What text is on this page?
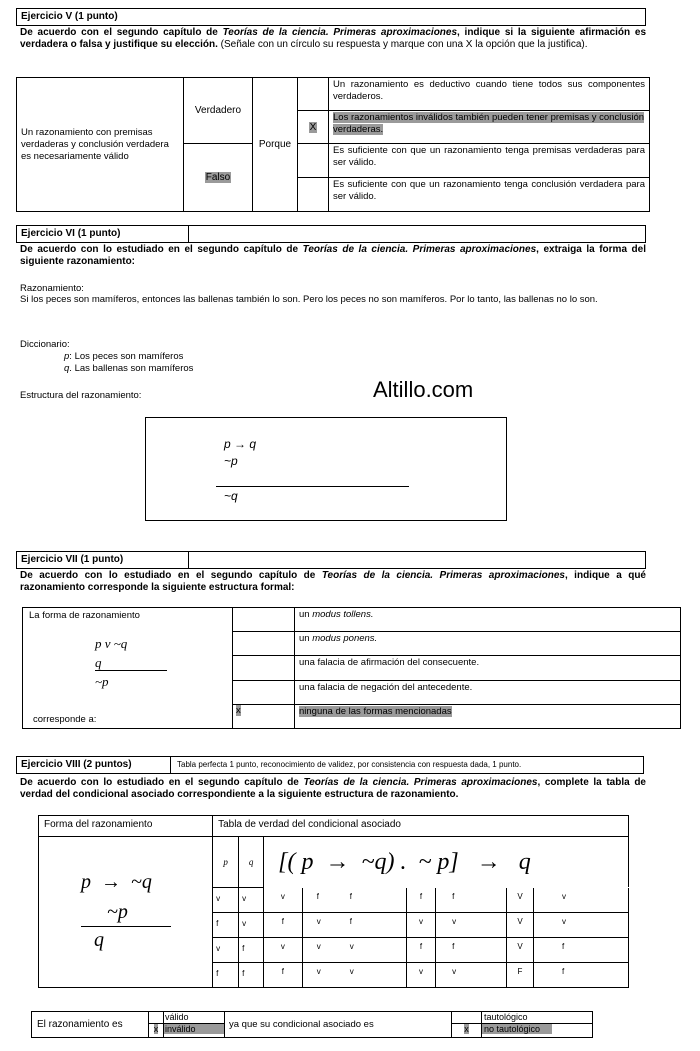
Ejercicio V (1 punto)
De acuerdo con el segundo capítulo de Teorías de la ciencia. Primeras aproximaciones, indique si la siguiente afirmación es verdadera o falsa y justifique su elección. (Señale con un círculo su respuesta y marque con una X la opción que la justifica).
Un razonamiento con premisas verdaderas y conclusión verdadera es necesariamente válido	Verdadero	Porque		Un razonamiento es deductivo cuando tiene todos sus componentes verdaderos.
			X	Los razonamientos inválidos también pueden tener premisas y conclusión verdaderas.
	Falso			Es suficiente con que un razonamiento tenga premisas verdaderas para ser válido.
				Es suficiente con que un razonamiento tenga conclusión verdadera para ser válido.
Ejercicio VI (1 punto)
De acuerdo con lo estudiado en el segundo capítulo de Teorías de la ciencia. Primeras aproximaciones, extraiga la forma del siguiente razonamiento:
Razonamiento:
Si los peces son mamíferos, entonces las ballenas también lo son. Pero los peces no son mamíferos. Por lo tanto, las ballenas no lo son.
Diccionario:
p: Los peces son mamíferos
q. Las ballenas son mamíferos
Estructura del razonamiento:	Altillo.com
p → q
~p
~q
Ejercicio VII (1 punto)
De acuerdo con lo estudiado en el segundo capítulo de Teorías de la ciencia. Primeras aproximaciones, indique a qué razonamiento corresponde la siguiente estructura formal:
La forma de razonamiento
p v ~q
q
~p
corresponde a:		un modus tollens.
		un modus ponens.
		una falacia de afirmación del consecuente.
		una falacia de negación del antecedente.
	x	ninguna de las formas mencionadas
Ejercicio VIII (2 puntos)	Tabla perfecta 1 punto, reconocimiento de validez, por consistencia con respuesta dada, 1 punto.
De acuerdo con lo estudiado en el segundo capítulo de Teorías de la ciencia. Primeras aproximaciones, complete la tabla de verdad del condicional asociado correspondiente a la siguiente estructura de razonamiento.
Forma del razonamiento	Tabla de verdad del condicional asociado							

p  →  ~q
~p
q	p	q	[( p  →  ~q) .  ~ p]   →   q					
	v	v	v	f f	f	f	V	v
	f	v	f	v f	v	v	V	v
	v	f	v	v v	f	f	V	f
	f	f	f	v v	v	v	F	f
El razonamiento es		válido	ya que su condicional asociado es		tautológico
	x	inválido		x	no tautológico
